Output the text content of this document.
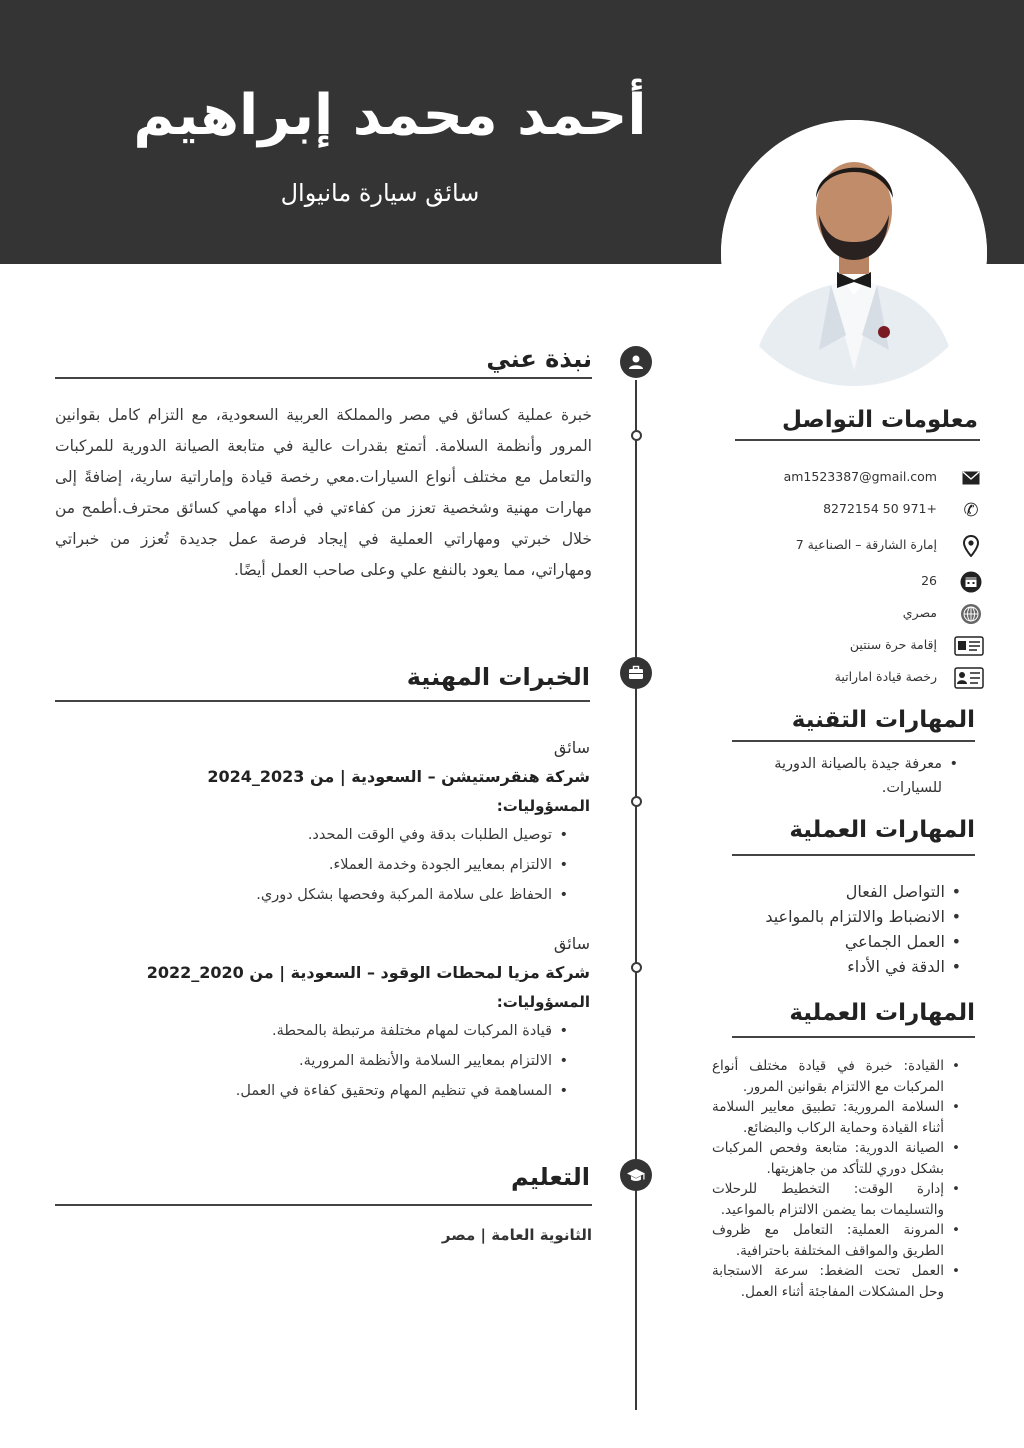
أحمد محمد إبراهيم
سائق سيارة مانيوال
نبذة عني
خبرة عملية كسائق في مصر والمملكة العربية السعودية، مع التزام كامل بقوانين المرور وأنظمة السلامة. أتمتع بقدرات عالية في متابعة الصيانة الدورية للمركبات والتعامل مع مختلف أنواع السيارات.معي رخصة قيادة وإماراتية سارية، إضافةً إلى مهارات مهنية وشخصية تعزز من كفاءتي في أداء مهامي كسائق محترف.أطمح من خلال خبرتي ومهاراتي العملية في إيجاد فرصة عمل جديدة تُعزز من خبراتي ومهاراتي، مما يعود بالنفع علي وعلى صاحب العمل أيضًا.
الخبرات المهنية
سائق
شركة هنقرستيشن – السعودية | من 2023_2024
المسؤوليات:
• توصيل الطلبات بدقة وفي الوقت المحدد.
• الالتزام بمعايير الجودة وخدمة العملاء.
• الحفاظ على سلامة المركبة وفحصها بشكل دوري.
سائق
شركة مزيا لمحطات الوقود – السعودية | من 2020_2022
المسؤوليات:
• قيادة المركبات لمهام مختلفة مرتبطة بالمحطة.
• الالتزام بمعايير السلامة والأنظمة المرورية.
• المساهمة في تنظيم المهام وتحقيق كفاءة في العمل.
التعليم
الثانوية العامة | مصر
معلومات التواصل
am1523387@gmail.com
+971 50 8272154 ✆
إمارة الشارقة – الصناعية 7
26
مصري
إقامة حرة سنتين
رخصة قيادة اماراتية
المهارات التقنية
• معرفة جيدة بالصيانة الدورية للسيارات.
المهارات العملية
• التواصل الفعال
• الانضباط والالتزام بالمواعيد
• العمل الجماعي
• الدقة في الأداء
المهارات العملية
• القيادة: خبرة في قيادة مختلف أنواع المركبات مع الالتزام بقوانين المرور.
• السلامة المرورية: تطبيق معايير السلامة أثناء القيادة وحماية الركاب والبضائع.
• الصيانة الدورية: متابعة وفحص المركبات بشكل دوري للتأكد من جاهزيتها.
• إدارة الوقت: التخطيط للرحلات والتسليمات بما يضمن الالتزام بالمواعيد.
• المرونة العملية: التعامل مع ظروف الطريق والمواقف المختلفة باحترافية.
• العمل تحت الضغط: سرعة الاستجابة وحل المشكلات المفاجئة أثناء العمل.
